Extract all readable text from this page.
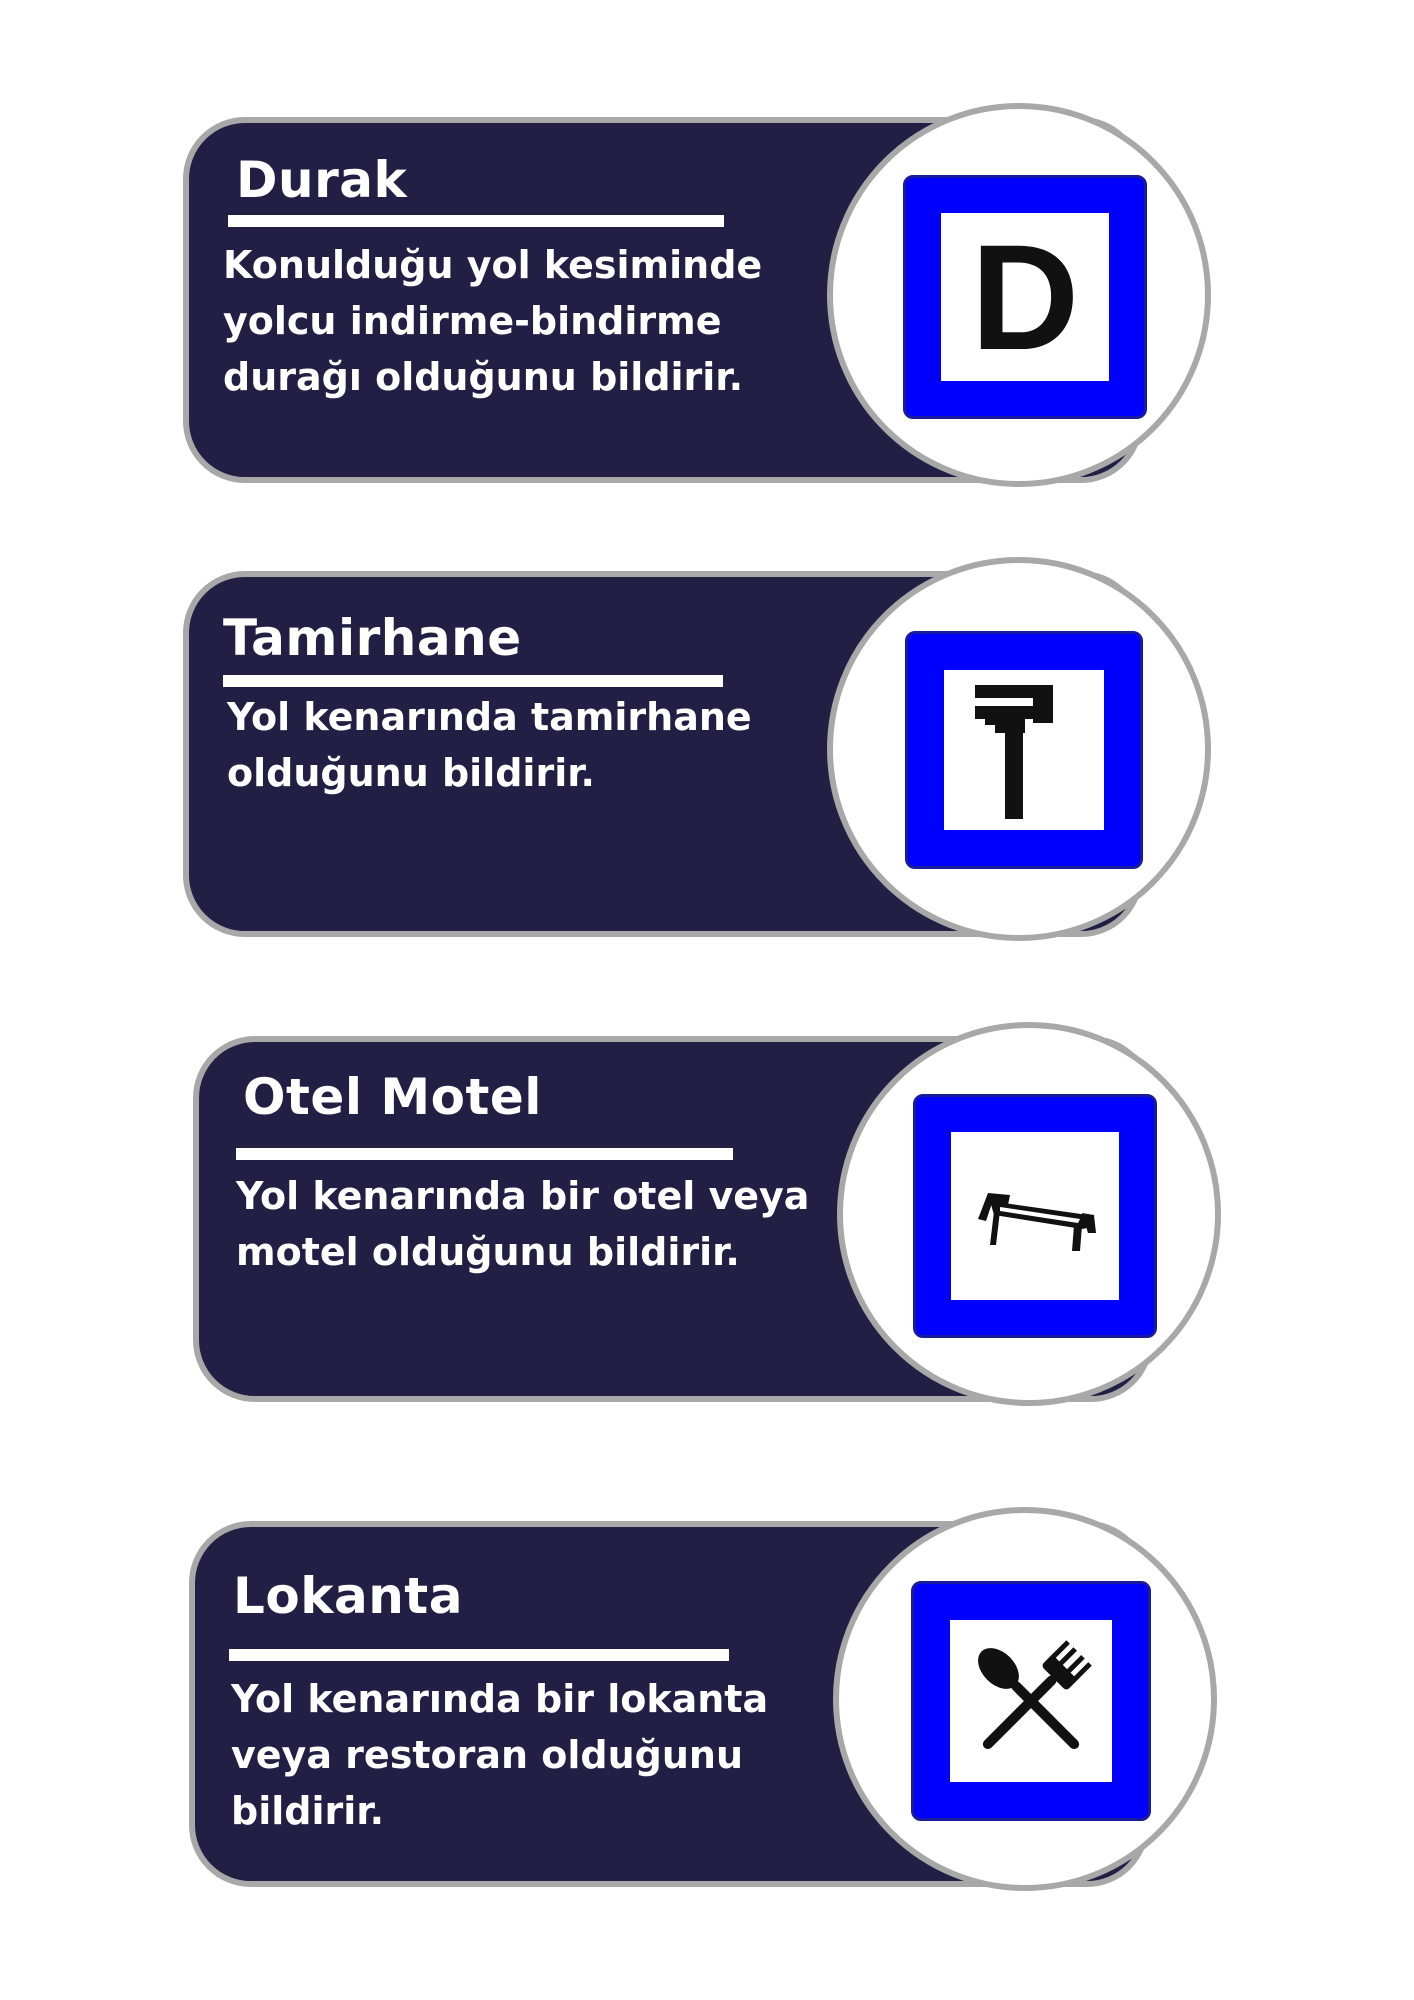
Durak
Konulduğu yol kesiminde
yolcu indirme-bindirme
durağı olduğunu bildirir.	D
Tamirhane
Yol kenarında tamirhane
olduğunu bildirir.
Otel Motel
Yol kenarında bir otel veya
motel olduğunu bildirir.
Lokanta
Yol kenarında bir lokanta
veya restoran olduğunu
bildirir.
